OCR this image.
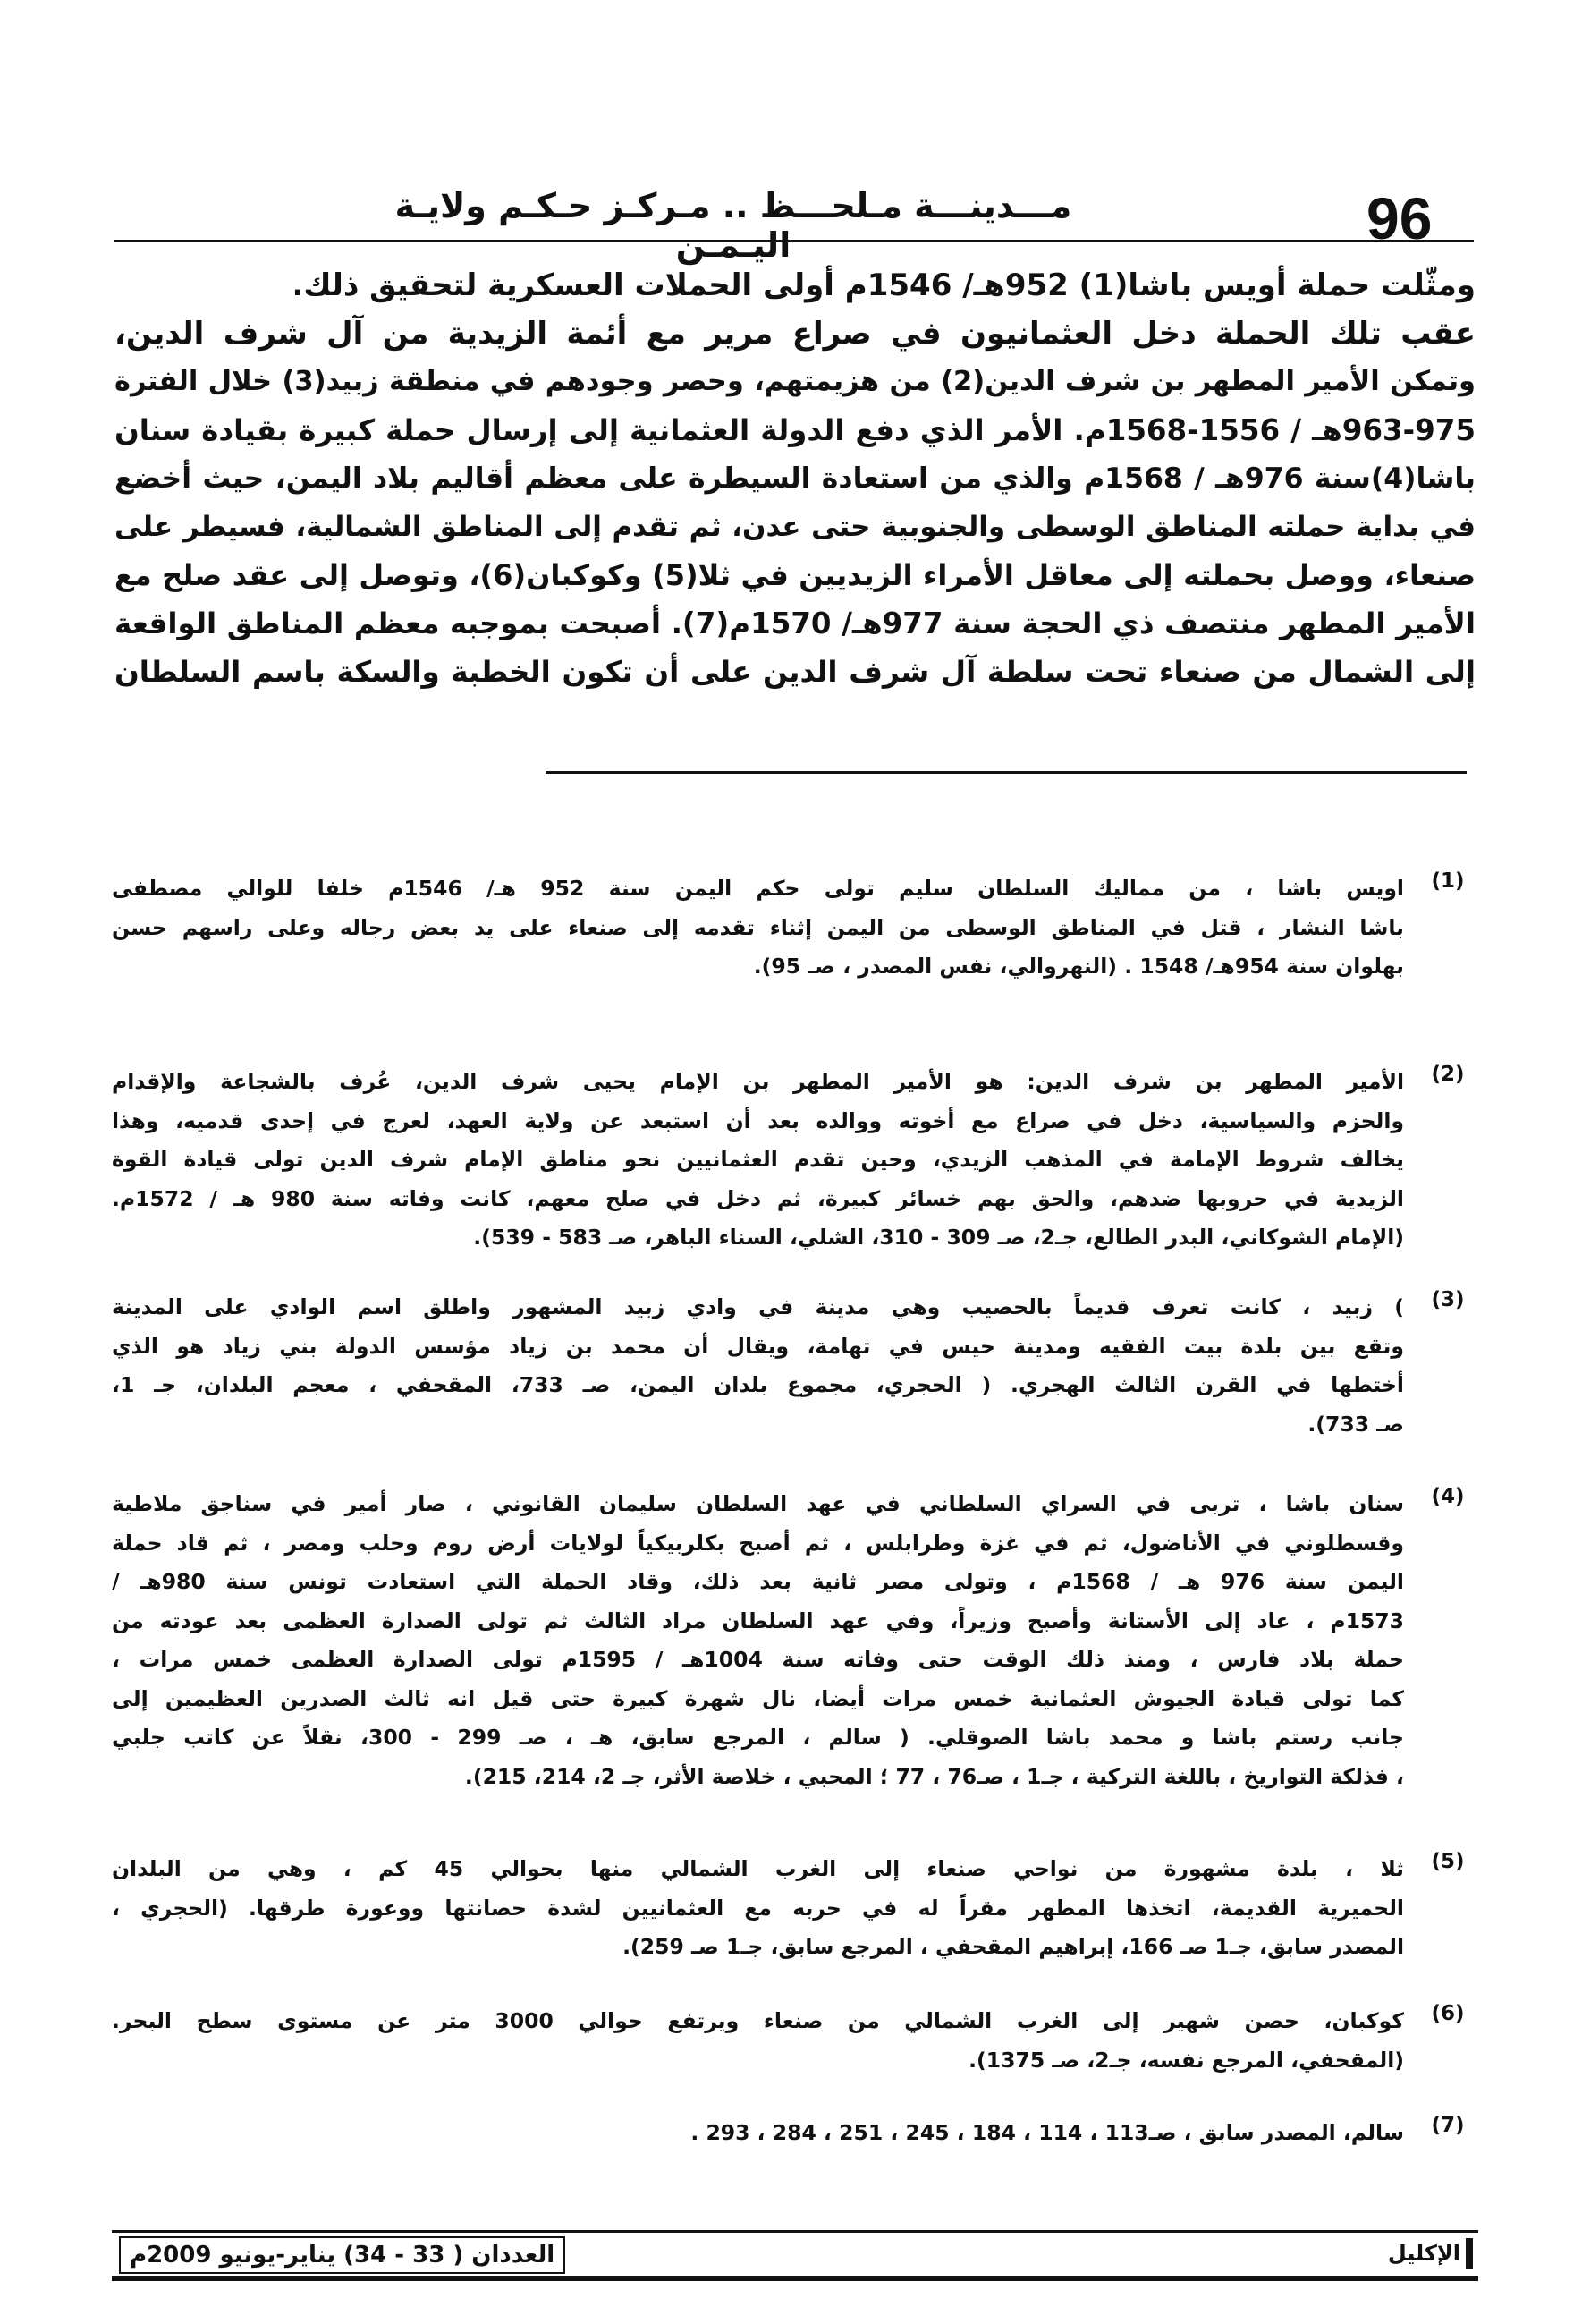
مـــدينـــة مـلحـــظ .. مـركـز حـكـم ولايـة اليـمـن	96
ومثّلت حملة أويس باشا(1) 952هـ/ 1546م أولى الحملات العسكرية لتحقيق ذلك.
عقب تلك الحملة دخل العثمانيون في صراع مرير مع أئمة الزيدية من آل شرف الدين،
وتمكن الأمير المطهر بن شرف الدين(2) من هزيمتهم، وحصر وجودهم في منطقة زبيد(3) خلال الفترة
963-975هـ / 1556-1568م. الأمر الذي دفع الدولة العثمانية إلى إرسال حملة كبيرة بقيادة سنان
باشا(4)سنة 976هـ / 1568م والذي من استعادة السيطرة على معظم أقاليم بلاد اليمن، حيث أخضع
في بداية حملته المناطق الوسطى والجنوبية حتى عدن، ثم تقدم إلى المناطق الشمالية، فسيطر على
صنعاء، ووصل بحملته إلى معاقل الأمراء الزيديين في ثلا(5) وكوكبان(6)، وتوصل إلى عقد صلح مع
الأمير المطهر منتصف ذي الحجة سنة 977هـ/ 1570م(7). أصبحت بموجبه معظم المناطق الواقعة
إلى الشمال من صنعاء تحت سلطة آل شرف الدين على أن تكون الخطبة والسكة باسم السلطان
(1)
اويس باشا ، من مماليك السلطان سليم تولى حكم اليمن سنة 952 هـ/ 1546م خلفا للوالي مصطفى
باشا النشار ، قتل في المناطق الوسطى من اليمن إثناء تقدمه إلى صنعاء على يد بعض رجاله وعلى راسهم حسن
بهلوان سنة 954هـ/ 1548 . (النهروالي، نفس المصدر ، صـ 95).
(2)
الأمير المطهر بن شرف الدين: هو الأمير المطهر بن الإمام يحيى شرف الدين، عُرف بالشجاعة والإقدام
والحزم والسياسية، دخل في صراع مع أخوته ووالده بعد أن استبعد عن ولاية العهد، لعرج في إحدى قدميه، وهذا
يخالف شروط الإمامة في المذهب الزيدي، وحين تقدم العثمانيين نحو مناطق الإمام شرف الدين تولى قيادة القوة
الزيدية في حروبها ضدهم، والحق بهم خسائر كبيرة، ثم دخل في صلح معهم، كانت وفاته سنة 980 هـ / 1572م.
(الإمام الشوكاني، البدر الطالع، جـ2، صـ 309 - 310، الشلي، السناء الباهر، صـ 583 - 539).
(3)
) زبيد ، كانت تعرف قديماً بالحصيب وهي مدينة في وادي زبيد المشهور واطلق اسم الوادي على المدينة
وتقع بين بلدة بيت الفقيه ومدينة حيس في تهامة، ويقال أن محمد بن زياد مؤسس الدولة بني زياد هو الذي
أختطها في القرن الثالث الهجري. ( الحجري، مجموع بلدان اليمن، صـ 733، المقحفي ، معجم البلدان، جـ 1،
صـ 733).
(4)
سنان باشا ، تربى في السراي السلطاني في عهد السلطان سليمان القانوني ، صار أمير في سناجق ملاطية
وقسطلوني في الأناضول، ثم في غزة وطرابلس ، ثم أصبح بكلربيكياً لولايات أرض روم وحلب ومصر ، ثم قاد حملة
اليمن سنة 976 هـ / 1568م ، وتولى مصر ثانية بعد ذلك، وقاد الحملة التي استعادت تونس سنة 980هـ /
1573م ، عاد إلى الأستانة وأصبح وزيراً، وفي عهد السلطان مراد الثالث ثم تولى الصدارة العظمى بعد عودته من
حملة بلاد فارس ، ومنذ ذلك الوقت حتى وفاته سنة 1004هـ / 1595م تولى الصدارة العظمى خمس مرات ،
كما تولى قيادة الجيوش العثمانية خمس مرات أيضا، نال شهرة كبيرة حتى قيل انه ثالث الصدرين العظيمين إلى
جانب رستم باشا و محمد باشا الصوقلي. ( سالم ، المرجع سابق، هـ ، صـ 299 - 300، نقلاً عن كاتب جلبي
، فذلكة التواريخ ، باللغة التركية ، جـ1 ، صـ76 ، 77 ؛ المحبي ، خلاصة الأثر، جـ 2، 214، 215).
(5)
ثلا ، بلدة مشهورة من نواحي صنعاء إلى الغرب الشمالي منها بحوالي 45 كم ، وهي من البلدان
الحميرية القديمة، اتخذها المطهر مقراً له في حربه مع العثمانيين لشدة حصانتها ووعورة طرقها. (الحجري ،
المصدر سابق، جـ1 صـ 166، إبراهيم المقحفي ، المرجع سابق، جـ1 صـ 259).
(6)
كوكبان، حصن شهير إلى الغرب الشمالي من صنعاء ويرتفع حوالي 3000 متر عن مستوى سطح البحر.
(المقحفي، المرجع نفسه، جـ2، صـ 1375).
(7)
سالم، المصدر سابق ، صـ113 ، 114 ، 184 ، 245 ، 251 ، 284 ، 293 .
العددان ( 33 - 34) يناير-يونيو 2009م	الإكليل
